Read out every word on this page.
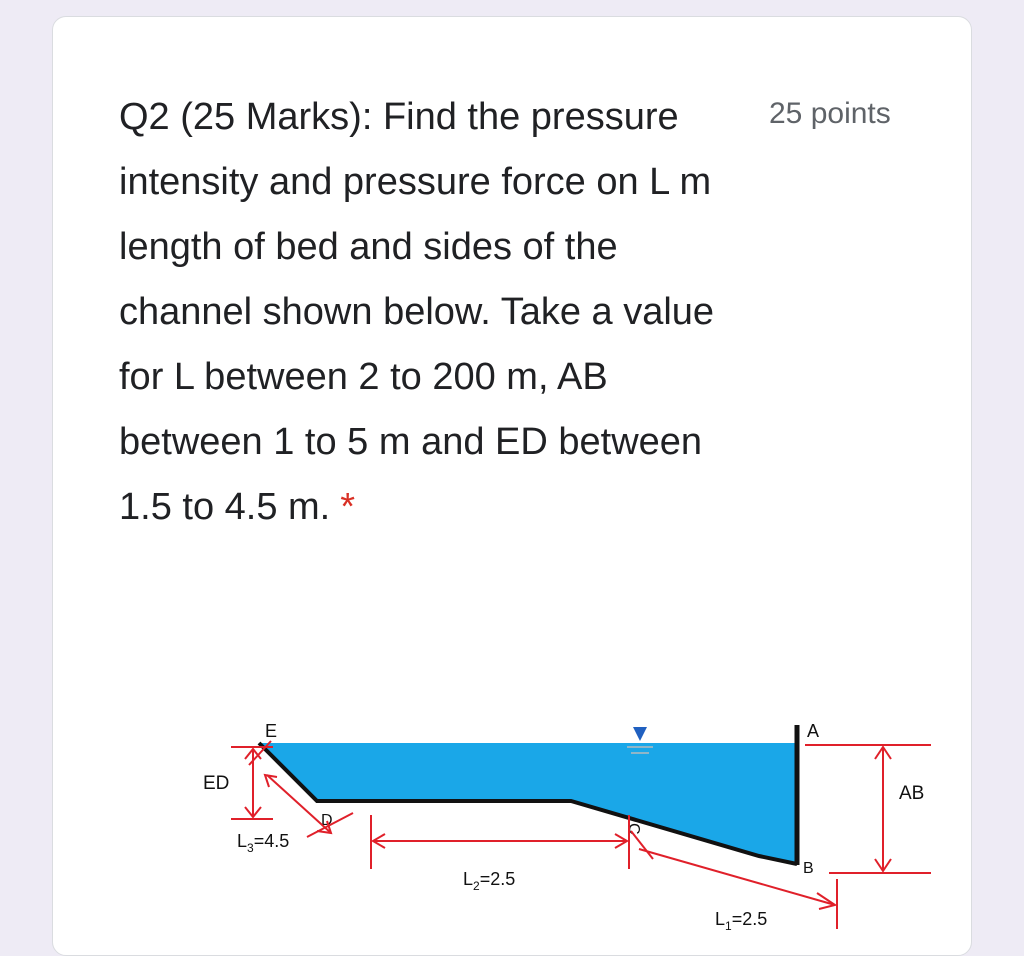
Q2 (25 Marks): Find the pressure intensity and pressure force on L m length of bed and sides of the channel shown below. Take a value for L between 2 to 200 m, AB between 1 to 5 m and ED between 1.5 to 4.5 m. *
25 points
E
D	C
B
A
ED	AB
$L_3=4.5$
$L_2=2.5$
$L_1=2.5$
